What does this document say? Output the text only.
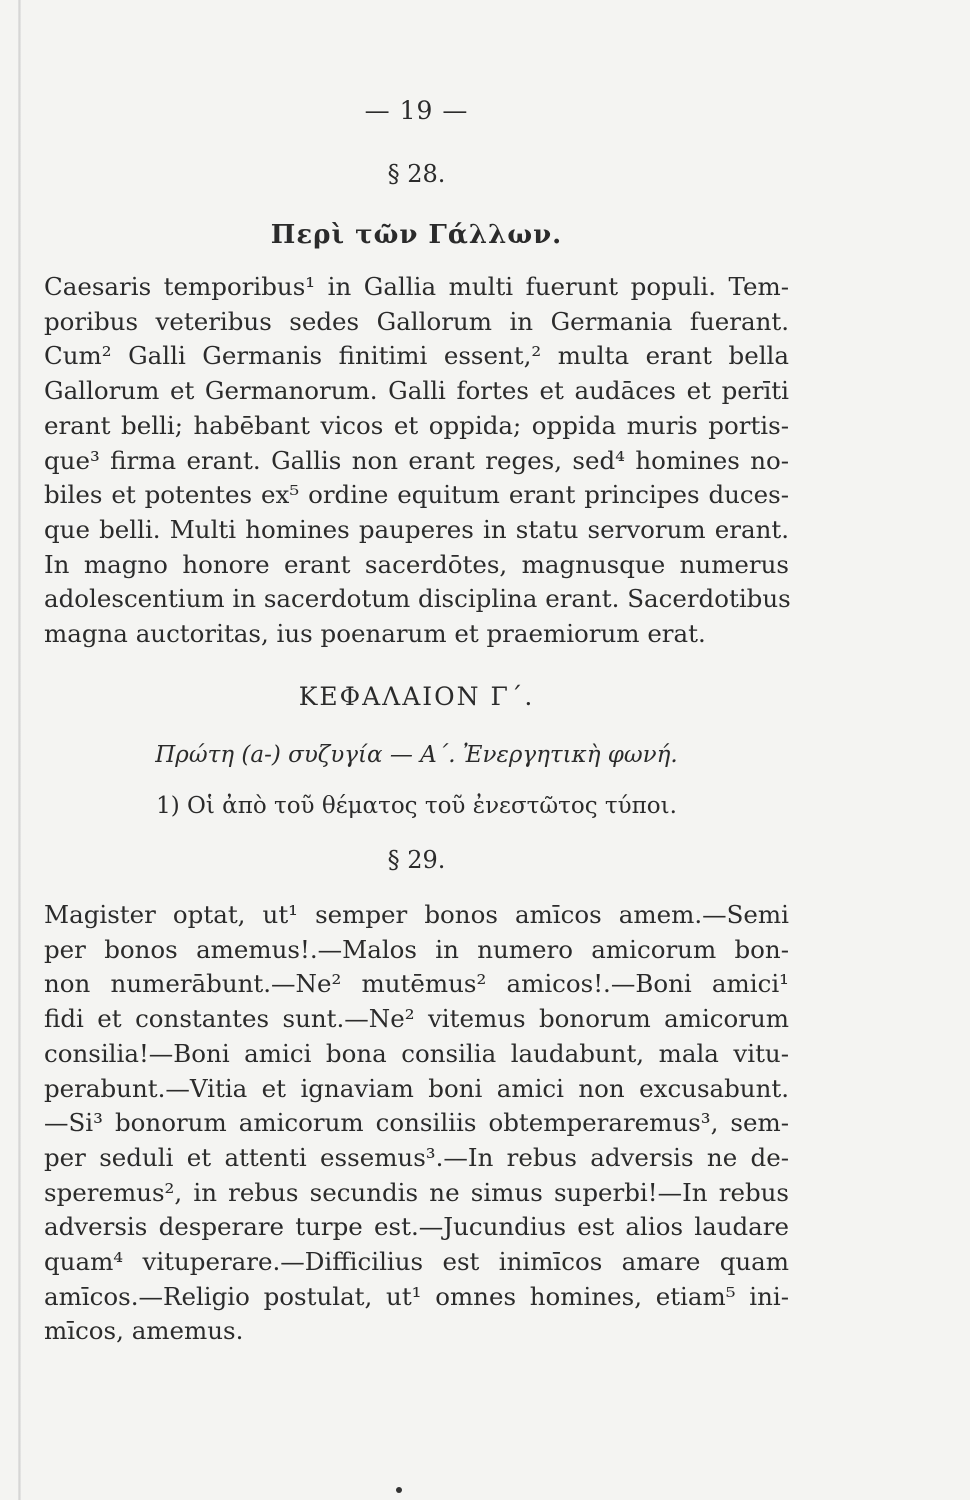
— 19 —
§ 28.
Περὶ τῶν Γάλλων.
Caesaris temporibus¹ in Gallia multi fuerunt populi. Tem-
poribus veteribus sedes Gallorum in Germania fuerant.
Cum² Galli Germanis finitimi essent,² multa erant bella
Gallorum et Germanorum. Galli fortes et audāces et perīti
erant belli; habēbant vicos et oppida; oppida muris portis-
que³ firma erant. Gallis non erant reges, sed⁴ homines no-
biles et potentes ex⁵ ordine equitum erant principes duces-
que belli. Multi homines pauperes in statu servorum erant.
In magno honore erant sacerdōtes, magnusque numerus
adolescentium in sacerdotum disciplina erant. Sacerdotibus
magna auctoritas, ius poenarum et praemiorum erat.
ΚΕΦΑΛΑΙΟΝ Γ΄.
Πρώτη (a-) συζυγία — Α΄. Ἐνεργητικὴ φωνή.
1) Οἱ ἀπὸ τοῦ θέματος τοῦ ἐνεστῶτος τύποι.
§ 29.
Magister optat, ut¹ semper bonos amīcos amem.—Semi
per bonos amemus!.—Malos in numero amicorum bon-
non numerābunt.—Ne² mutēmus² amicos!.—Boni amici¹
fidi et constantes sunt.—Ne² vitemus bonorum amicorum
consilia!—Boni amici bona consilia laudabunt, mala vitu-
perabunt.—Vitia et ignaviam boni amici non excusabunt.
—Si³ bonorum amicorum consiliis obtemperaremus³, sem-
per seduli et attenti essemus³.—In rebus adversis ne de-
speremus², in rebus secundis ne simus superbi!—In rebus
adversis desperare turpe est.—Jucundius est alios laudare
quam⁴ vituperare.—Difficilius est inimīcos amare quam
amīcos.—Religio postulat, ut¹ omnes homines, etiam⁵ ini-
mīcos, amemus.
